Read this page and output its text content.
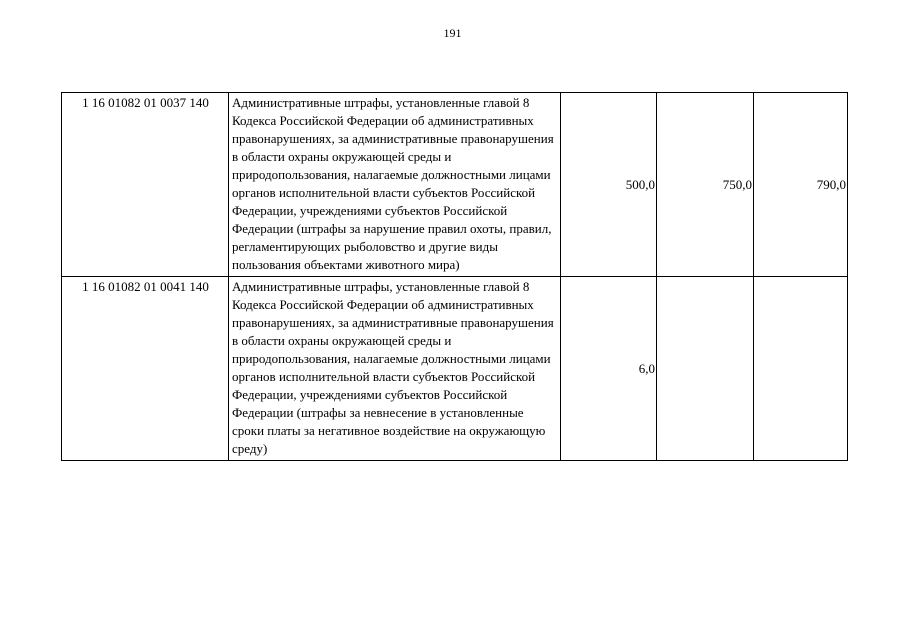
191
1 16 01082 01 0037 140	Административные штрафы, установленные главой 8 Кодекса Российской Федерации об административных правонарушениях, за административные правонарушения в области охраны окружающей среды и природопользования, налагаемые должностными лицами органов исполнительной власти субъектов Российской Федерации, учреждениями субъектов Российской Федерации (штрафы за нарушение правил охоты, правил, регламентирующих рыболовство и другие виды пользования объектами животного мира)	500,0	750,0	790,0
1 16 01082 01 0041 140	Административные штрафы, установленные главой 8 Кодекса Российской Федерации об административных правонарушениях, за административные правонарушения в области охраны окружающей среды и природопользования, налагаемые должностными лицами органов исполнительной власти субъектов Российской Федерации, учреждениями субъектов Российской Федерации (штрафы за невнесение в установленные сроки платы за негативное воздействие на окружающую среду)	6,0		
